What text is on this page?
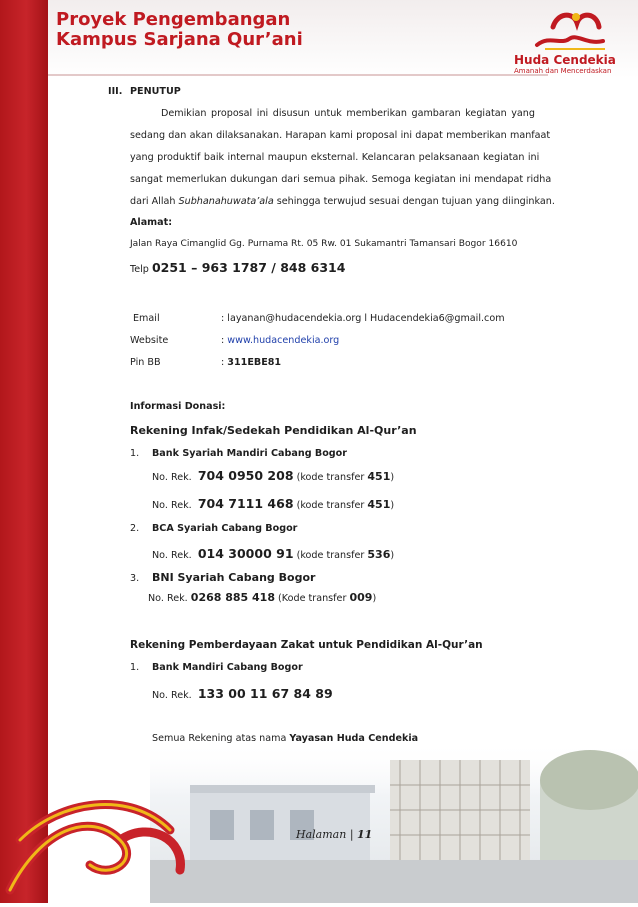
Proyek Pengembangan
Kampus Sarjana Qur’ani
Huda Cendekia
Amanah dan Mencerdaskan
III. PENUTUP
Demikian proposal ini disusun untuk memberikan gambaran kegiatan yang
sedang dan akan dilaksanakan. Harapan kami proposal ini dapat memberikan manfaat
yang produktif baik internal maupun eksternal. Kelancaran pelaksanaan kegiatan ini
sangat memerlukan dukungan dari semua pihak. Semoga kegiatan ini mendapat ridha
dari Allah Subhanahuwata’ala sehingga terwujud sesuai dengan tujuan yang diinginkan.
Alamat:
Jalan Raya Cimanglid Gg. Purnama Rt. 05 Rw. 01 Sukamantri Tamansari Bogor 16610
Telp 0251 – 963 1787 / 848 6314
Email	: layanan@hudacendekia.org l Hudacendekia6@gmail.com
Website	: www.hudacendekia.org
Pin BB	: 311EBE81
Informasi Donasi:
Rekening Infak/Sedekah Pendidikan Al-Qur’an
1. Bank Syariah Mandiri Cabang Bogor
No. Rek. 704 0950 208 (kode transfer 451)
No. Rek. 704 7111 468 (kode transfer 451)
2. BCA Syariah Cabang Bogor
No. Rek. 014 30000 91 (kode transfer 536)
3. BNI Syariah Cabang Bogor
No. Rek. 0268 885 418 (Kode transfer 009)
Rekening Pemberdayaan Zakat untuk Pendidikan Al-Qur’an
1. Bank Mandiri Cabang Bogor
No. Rek. 133 00 11 67 84 89
Semua Rekening atas nama Yayasan Huda Cendekia
Halaman | 11
